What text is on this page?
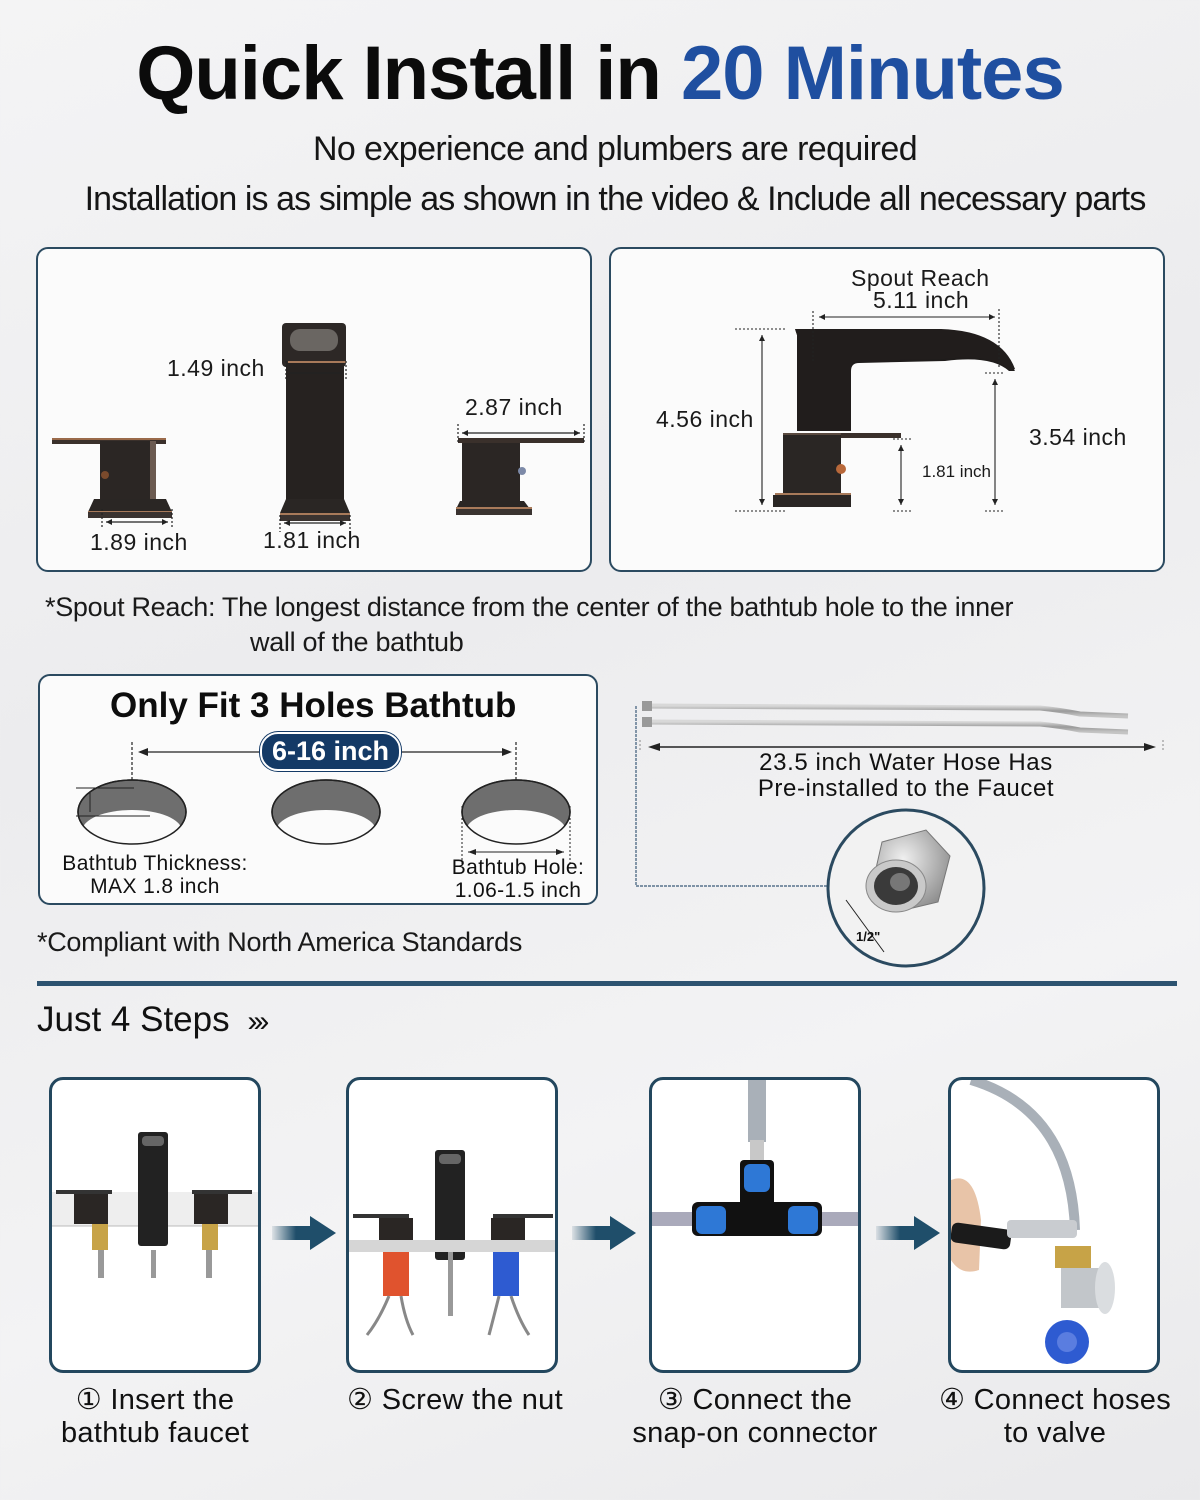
Quick Install in 20 Minutes
No experience and plumbers are required
Installation is as simple as shown in the video & Include all necessary parts
1.49 inch
2.87 inch
1.89 inch	1.81 inch
Spout Reach
5.11 inch
4.56 inch
3.54 inch
1.81 inch
*Spout Reach: The longest distance from the center of the bathtub hole to the inner
wall of the bathtub
Only Fit 3 Holes Bathtub
6-16 inch
Bathtub Thickness:
MAX 1.8 inch
Bathtub Hole:
1.06-1.5 inch
23.5 inch Water Hose Has
Pre-installed to the Faucet
1/2"
*Compliant with North America Standards
Just 4 Steps ›››
① Insert the
bathtub faucet
② Screw the nut	③ Connect the
snap-on connector
④ Connect hoses
to valve
